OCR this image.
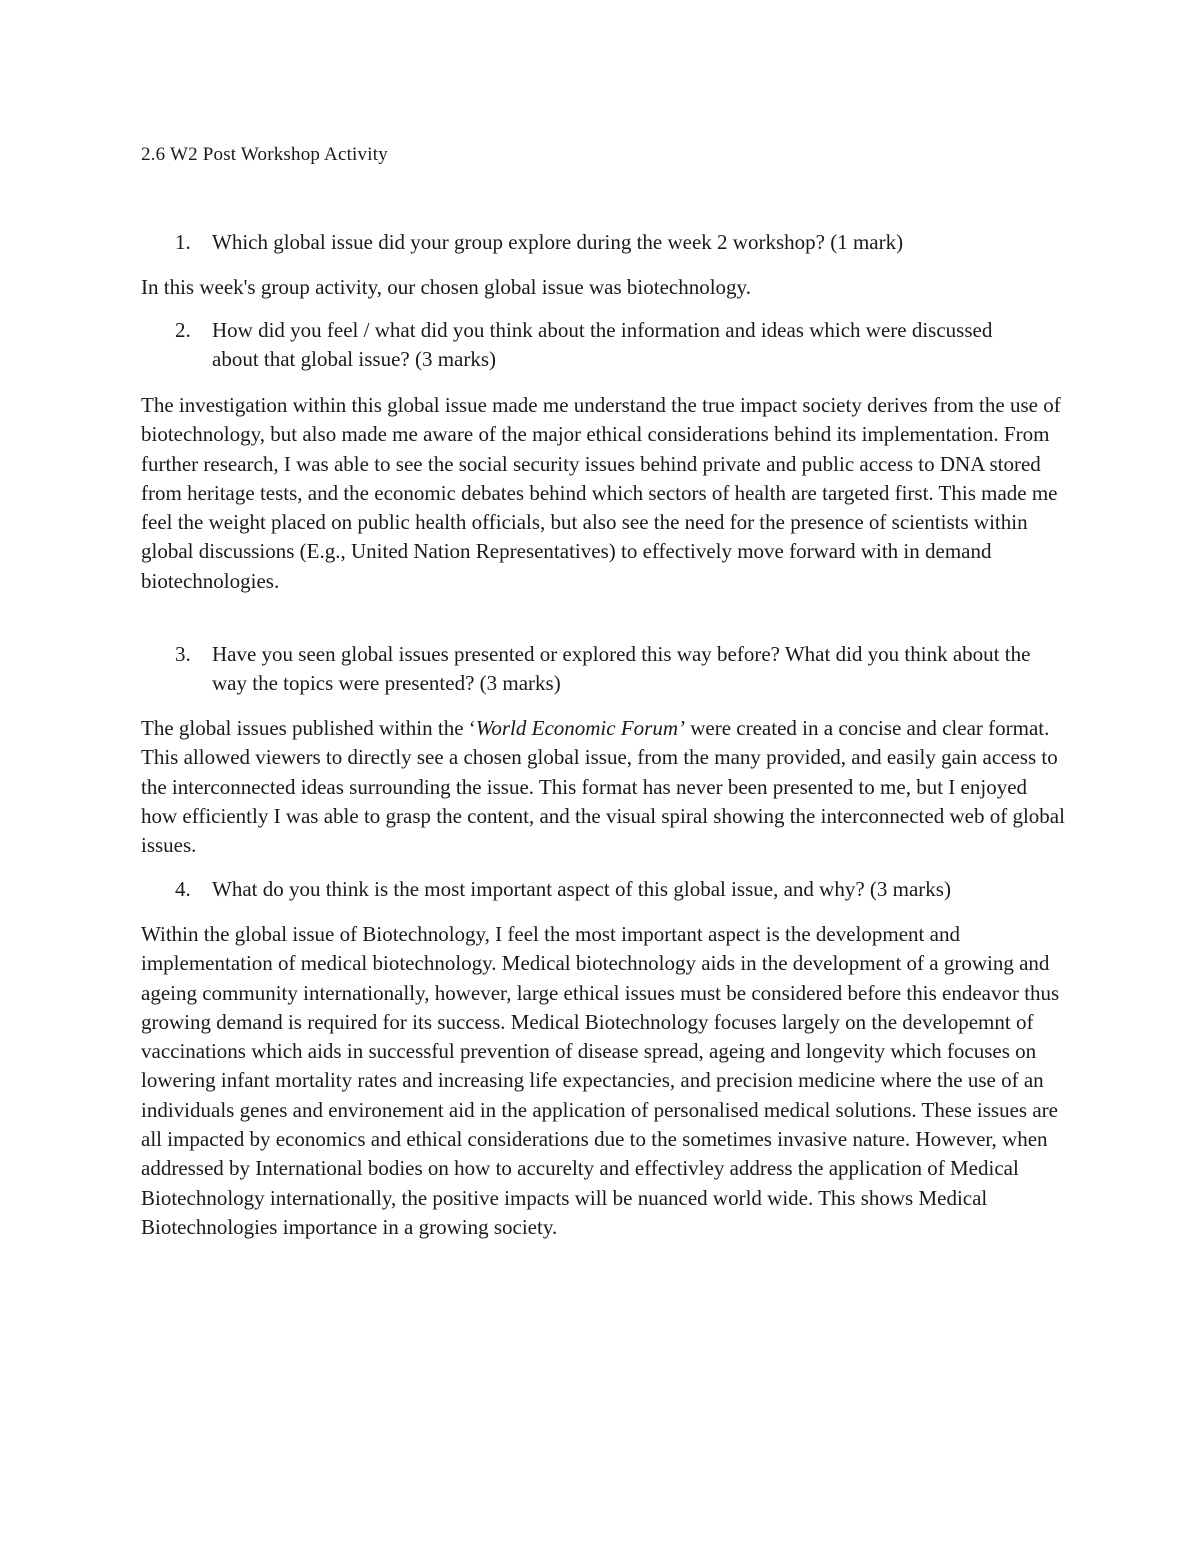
2.6 W2 Post Workshop Activity

1.	Which global issue did your group explore during the week 2 workshop? (1 mark)

In this week's group activity, our chosen global issue was biotechnology.

2.	How did you feel / what did you think about the information and ideas which were discussed about that global issue? (3 marks)

The investigation within this global issue made me understand the true impact society derives from the use of biotechnology, but also made me aware of the major ethical considerations behind its implementation. From further research, I was able to see the social security issues behind private and public access to DNA stored from heritage tests, and the economic debates behind which sectors of health are targeted first. This made me feel the weight placed on public health officials, but also see the need for the presence of scientists within global discussions (E.g., United Nation Representatives) to effectively move forward with in demand biotechnologies.

3.	Have you seen global issues presented or explored this way before? What did you think about the way the topics were presented? (3 marks)

The global issues published within the ‘World Economic Forum’ were created in a concise and clear format. This allowed viewers to directly see a chosen global issue, from the many provided, and easily gain access to the interconnected ideas surrounding the issue. This format has never been presented to me, but I enjoyed how efficiently I was able to grasp the content, and the visual spiral showing the interconnected web of global issues.

4.	What do you think is the most important aspect of this global issue, and why? (3 marks)

Within the global issue of Biotechnology, I feel the most important aspect is the development and implementation of medical biotechnology. Medical biotechnology aids in the development of a growing and ageing community internationally, however, large ethical issues must be considered before this endeavor thus growing demand is required for its success. Medical Biotechnology focuses largely on the developemnt of vaccinations which aids in successful prevention of disease spread, ageing and longevity which focuses on lowering infant mortality rates and increasing life expectancies, and precision medicine where the use of an individuals genes and environement aid in the application of personalised medical solutions. These issues are all impacted by economics and ethical considerations due to the sometimes invasive nature. However, when addressed by International bodies on how to accurelty and effectivley address the application of Medical Biotechnology internationally, the positive impacts will be nuanced world wide. This shows Medical Biotechnologies importance in a growing society.
